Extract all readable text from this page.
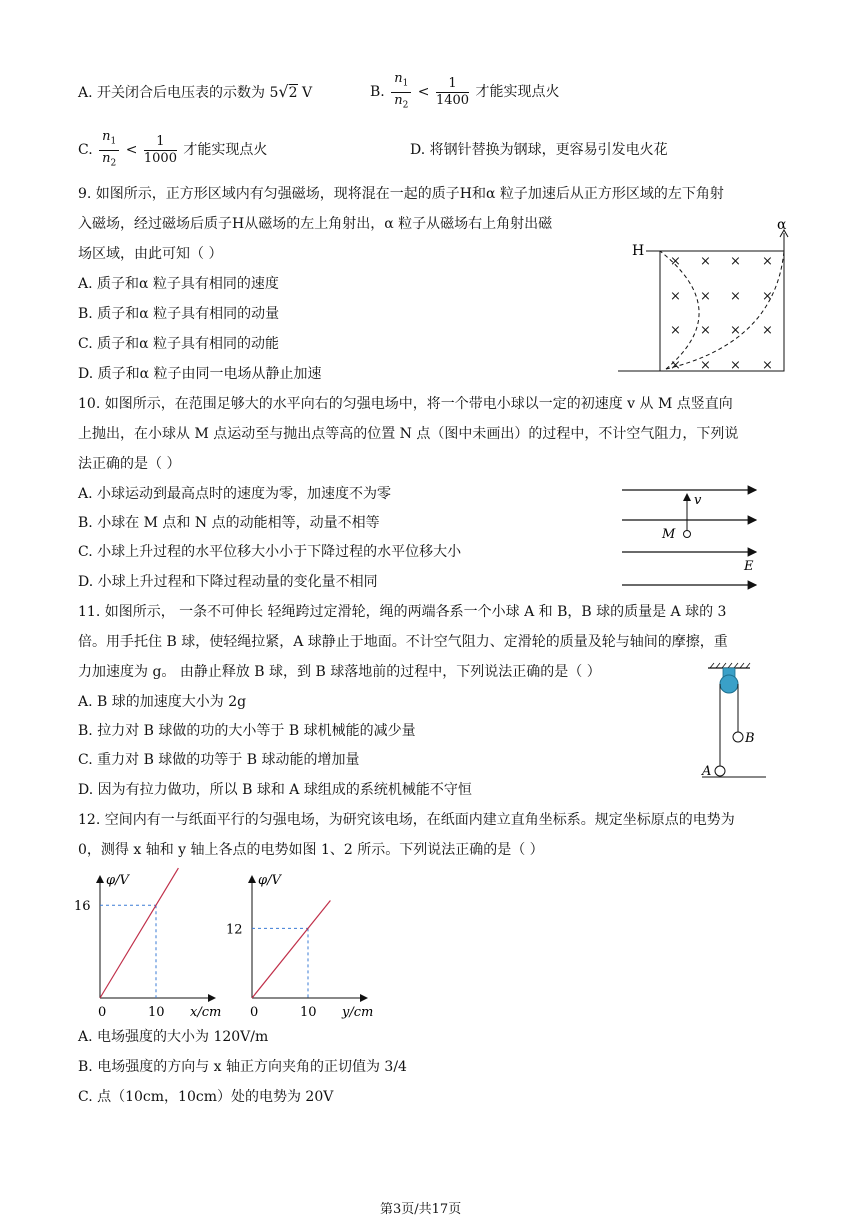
A. 开关闭合后电压表的示数为 5√2 V	B. $\frac{n_1}{n_2} < \frac{1}{1400}$ 才能实现点火
C. $\frac{n_1}{n_2} < \frac{1}{1000}$ 才能实现点火	D. 将钢针替换为钢球，更容易引发电火花
9. 如图所示，正方形区域内有匀强磁场，现将混在一起的质子H和α 粒子加速后从正方形区域的左下角射
入磁场，经过磁场后质子H从磁场的左上角射出，α 粒子从磁场右上角射出磁
场区域，由此可知（ ）
A. 质子和α 粒子具有相同的速度
B. 质子和α 粒子具有相同的动量
C. 质子和α 粒子具有相同的动能
D. 质子和α 粒子由同一电场从静止加速
H
α
× × × ×
× × × ×
× × × ×
× × × ×
10. 如图所示，在范围足够大的水平向右的匀强电场中，将一个带电小球以一定的初速度 v 从 M 点竖直向
上抛出，在小球从 M 点运动至与抛出点等高的位置 N 点（图中未画出）的过程中，不计空气阻力，下列说
法正确的是（ ）
A. 小球运动到最高点时的速度为零，加速度不为零
B. 小球在 M 点和 N 点的动能相等，动量不相等
C. 小球上升过程的水平位移大小小于下降过程的水平位移大小
D. 小球上升过程和下降过程动量的变化量不相同
v
M
E
11. 如图所示， 一条不可伸长 轻绳跨过定滑轮，绳的两端各系一个小球 A 和 B，B 球的质量是 A 球的 3
倍。用手托住 B 球，使轻绳拉紧，A 球静止于地面。不计空气阻力、定滑轮的质量及轮与轴间的摩擦，重
力加速度为 g。 由静止释放 B 球，到 B 球落地前的过程中，下列说法正确的是（ ）
A. B 球的加速度大小为 2g
B. 拉力对 B 球做的功的大小等于 B 球机械能的减少量
C. 重力对 B 球做的功等于 B 球动能的增加量
D. 因为有拉力做功，所以 B 球和 A 球组成的系统机械能不守恒
B
A
12. 空间内有一与纸面平行的匀强电场，为研究该电场，在纸面内建立直角坐标系。规定坐标原点的电势为
0，测得 x 轴和 y 轴上各点的电势如图 1、2 所示。下列说法正确的是（ ）
0	10
16
φ/V
x/cm 0	10
12
φ/V
y/cm
A. 电场强度的大小为 120V/m
B. 电场强度的方向与 x 轴正方向夹角的正切值为 3/4
C. 点（10cm，10cm）处的电势为 20V
第3页/共17页
